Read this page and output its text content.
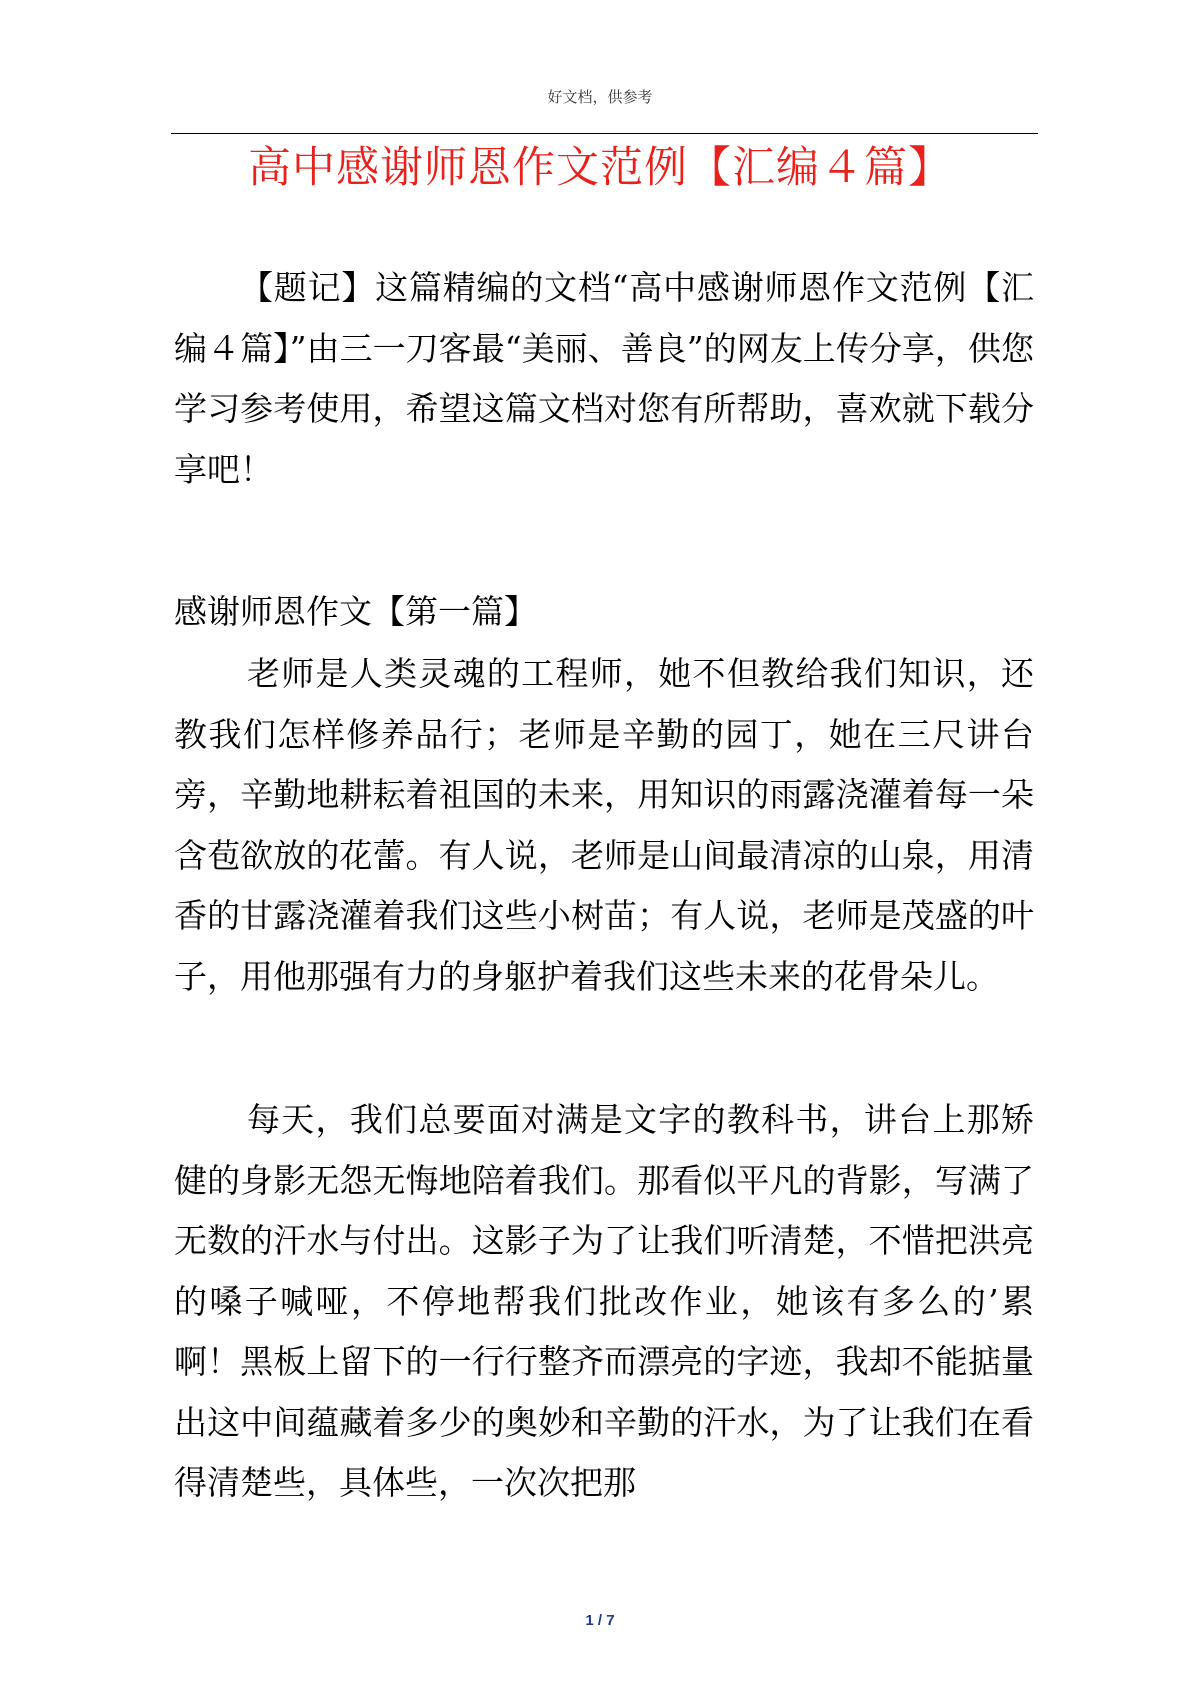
好文档，供参考
高中感谢师恩作文范例【汇编４篇】

【题记】这篇精编的文档“高中感谢师恩作文范例【汇编４篇】”由三一刀客最“美丽、善良”的网友上传分享，供您学习参考使用，希望这篇文档对您有所帮助，喜欢就下载分享吧！

感谢师恩作文【第一篇】

老师是人类灵魂的工程师，她不但教给我们知识，还教我们怎样修养品行；老师是辛勤的园丁，她在三尺讲台旁，辛勤地耕耘着祖国的未来，用知识的雨露浇灌着每一朵含苞欲放的花蕾。有人说，老师是山间最清凉的山泉，用清香的甘露浇灌着我们这些小树苗；有人说，老师是茂盛的叶子，用他那强有力的身躯护着我们这些未来的花骨朵儿。

每天，我们总要面对满是文字的教科书，讲台上那矫健的身影无怨无悔地陪着我们。那看似平凡的背影，写满了无数的汗水与付出。这影子为了让我们听清楚，不惜把洪亮的嗓子喊哑，不停地帮我们批改作业，她该有多么的’累啊！黑板上留下的一行行整齐而漂亮的字迹，我却不能掂量出这中间蕴藏着多少的奥妙和辛勤的汗水，为了让我们在看得清楚些，具体些，一次次把那

1 / 7
